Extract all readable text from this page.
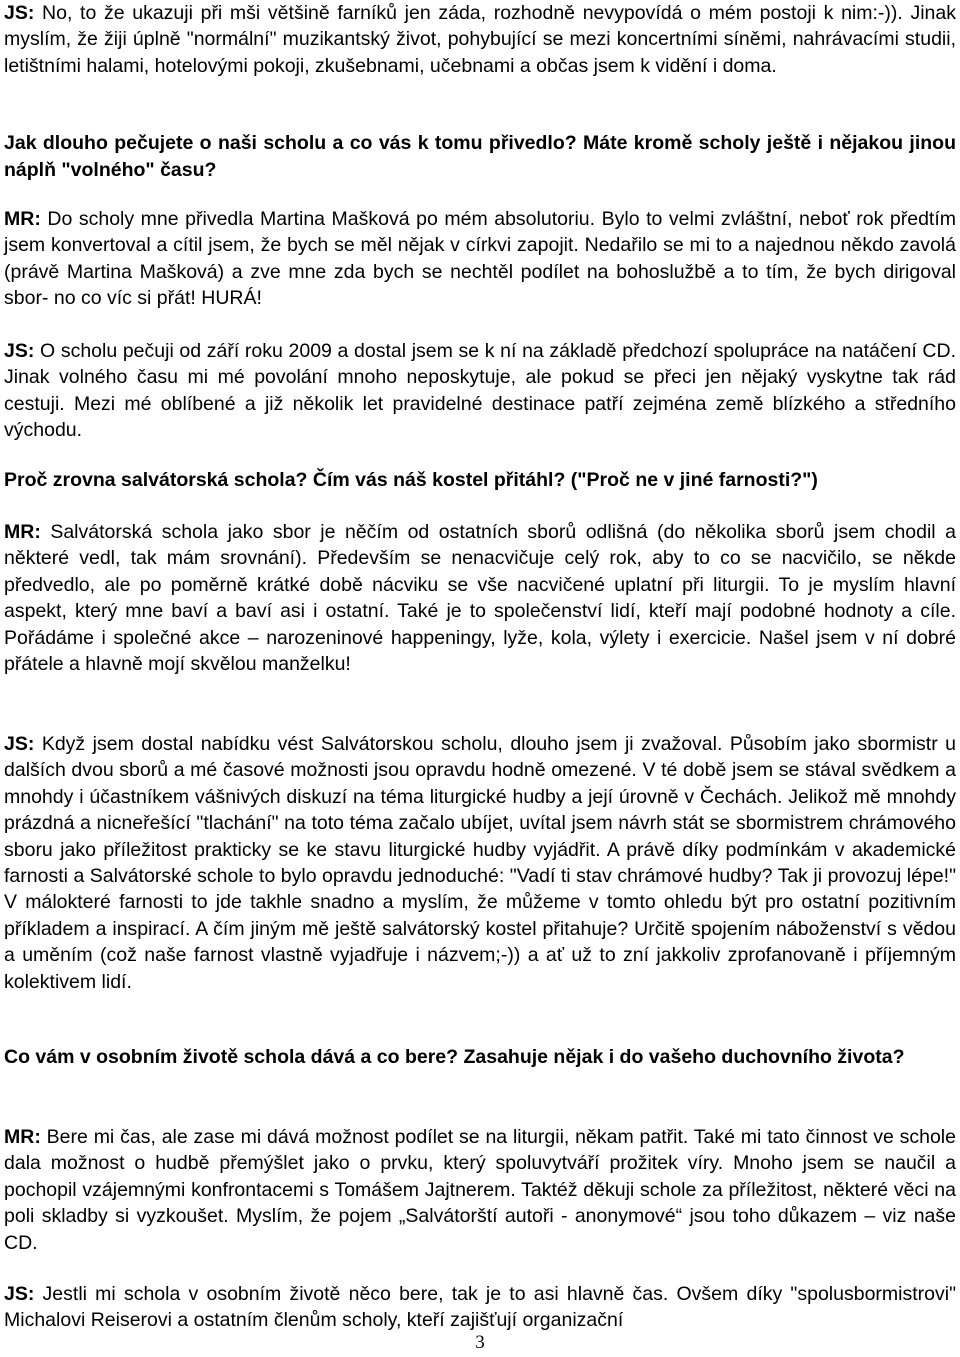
JS: No, to že ukazuji při mši většině farníků jen záda, rozhodně nevypovídá o mém postoji k nim:-)). Jinak myslím, že žiji úplně "normální" muzikantský život, pohybující se mezi koncertními síněmi, nahrávacími studii, letištními halami, hotelovými pokoji, zkušebnami, učebnami a občas jsem k vidění i doma.

Jak dlouho pečujete o naši scholu a co vás k tomu přivedlo? Máte kromě scholy ještě i nějakou jinou náplň "volného" času?

MR: Do scholy mne přivedla Martina Mašková po mém absolutoriu. Bylo to velmi zvláštní, neboť rok předtím jsem konvertoval a cítil jsem, že bych se měl nějak v církvi zapojit. Nedařilo se mi to a najednou někdo zavolá (právě Martina Mašková) a zve mne zda bych se nechtěl podílet na bohoslužbě a to tím, že bych dirigoval sbor- no co víc si přát! HURÁ!

JS: O scholu pečuji od září roku 2009 a dostal jsem se k ní na základě předchozí spolupráce na natáčení CD. Jinak volného času mi mé povolání mnoho neposkytuje, ale pokud se přeci jen nějaký vyskytne tak rád cestuji. Mezi mé oblíbené a již několik let pravidelné destinace patří zejména země blízkého a středního východu.

Proč zrovna salvátorská schola? Čím vás náš kostel přitáhl? ("Proč ne v jiné farnosti?")

MR: Salvátorská schola jako sbor je něčím od ostatních sborů odlišná (do několika sborů jsem chodil a některé vedl, tak mám srovnání). Především se nenacvičuje celý rok, aby to co se nacvičilo, se někde předvedlo, ale po poměrně krátké době nácviku se vše nacvičené uplatní při liturgii. To je myslím hlavní aspekt, který mne baví a baví asi i ostatní. Také je to společenství lidí, kteří mají podobné hodnoty a cíle. Pořádáme i společné akce – narozeninové happeningy, lyže, kola, výlety i exercicie. Našel jsem v ní dobré přátele a hlavně mojí skvělou manželku!

JS: Když jsem dostal nabídku vést Salvátorskou scholu, dlouho jsem ji zvažoval. Působím jako sbormistr u dalších dvou sborů a mé časové možnosti jsou opravdu hodně omezené. V té době jsem se stával svědkem a mnohdy i účastníkem vášnivých diskuzí na téma liturgické hudby a její úrovně v Čechách. Jelikož mě mnohdy prázdná a nicneřešící "tlachání" na toto téma začalo ubíjet, uvítal jsem návrh stát se sbormistrem chrámového sboru jako příležitost prakticky se ke stavu liturgické hudby vyjádřit. A právě díky podmínkám v akademické farnosti a Salvátorské schole to bylo opravdu jednoduché: "Vadí ti stav chrámové hudby? Tak ji provozuj lépe!" V málokteré farnosti to jde takhle snadno a myslím, že můžeme v tomto ohledu být pro ostatní pozitivním příkladem a inspirací. A čím jiným mě ještě salvátorský kostel přitahuje? Určitě spojením náboženství s vědou a uměním (což naše farnost vlastně vyjadřuje i názvem;-)) a ať už to zní jakkoliv zprofanovaně i příjemným kolektivem lidí.

Co vám v osobním životě schola dává a co bere? Zasahuje nějak i do vašeho duchovního života?

MR: Bere mi čas, ale zase mi dává možnost podílet se na liturgii, někam patřit. Také mi tato činnost ve schole dala možnost o hudbě přemýšlet jako o prvku, který spoluvytváří prožitek víry. Mnoho jsem se naučil a pochopil vzájemnými konfrontacemi s Tomášem Jajtnerem. Taktéž děkuji schole za příležitost, některé věci na poli skladby si vyzkoušet. Myslím, že pojem „Salvátorští autoři - anonymové“ jsou toho důkazem – viz naše CD.

JS: Jestli mi schola v osobním životě něco bere, tak je to asi hlavně čas. Ovšem díky "spolusbormistrovi" Michalovi Reiserovi a ostatním členům scholy, kteří zajišťují organizační

3
